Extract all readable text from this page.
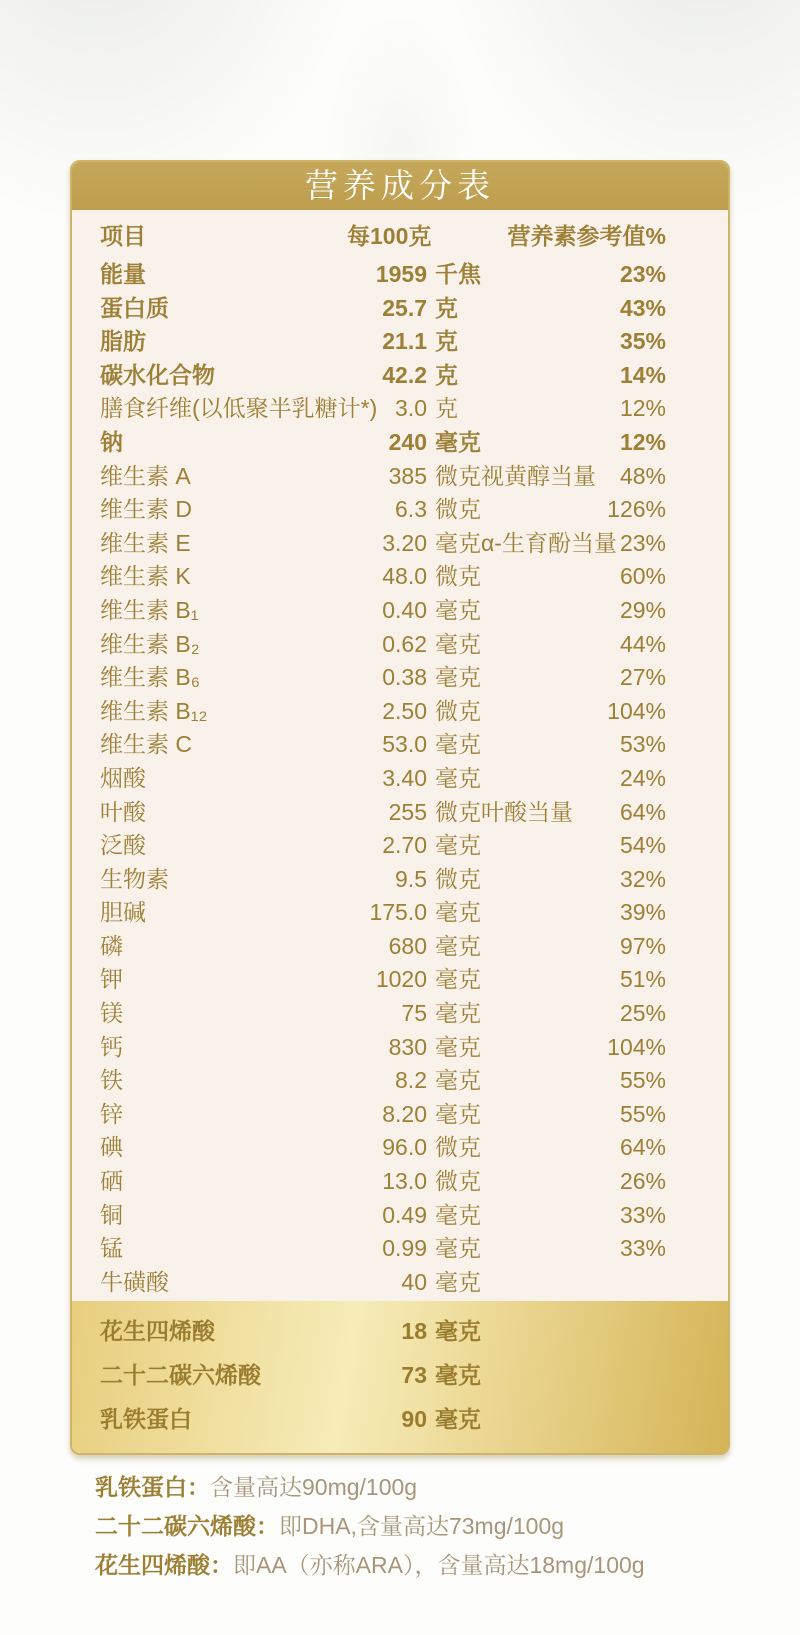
营养成分表
项目	每100克	营养素参考值%
能量	1959 千焦	23%
蛋白质	25.7 克	43%
脂肪	21.1 克	35%
碳水化合物	42.2 克	14%
膳食纤维(以低聚半乳糖计*) 3.0 克	12%
钠	240 毫克	12%
维生素 A	385 微克视黄醇当量 48%
维生素 D	6.3 微克	126%
维生素 E	3.20 毫克α-生育酚当量 23%
维生素 K	48.0 微克	60%
维生素 B₁	0.40 毫克	29%
维生素 B₂	0.62 毫克	44%
维生素 B₆	0.38 毫克	27%
维生素 B₁₂	2.50 微克	104%
维生素 C	53.0 毫克	53%
烟酸	3.40 毫克	24%
叶酸	255 微克叶酸当量 64%
泛酸	2.70 毫克	54%
生物素	9.5 微克	32%
胆碱	175.0 毫克	39%
磷	680 毫克	97%
钾	1020 毫克	51%
镁	75 毫克	25%
钙	830 毫克	104%
铁	8.2 毫克	55%
锌	8.20 毫克	55%
碘	96.0 微克	64%
硒	13.0 微克	26%
铜	0.49 毫克	33%
锰	0.99 毫克	33%
牛磺酸	40 毫克
花生四烯酸	18 毫克
二十二碳六烯酸	73 毫克
乳铁蛋白	90 毫克
乳铁蛋白：含量高达90mg/100g
二十二碳六烯酸：即DHA,含量高达73mg/100g
花生四烯酸：即AA（亦称ARA），含量高达18mg/100g
